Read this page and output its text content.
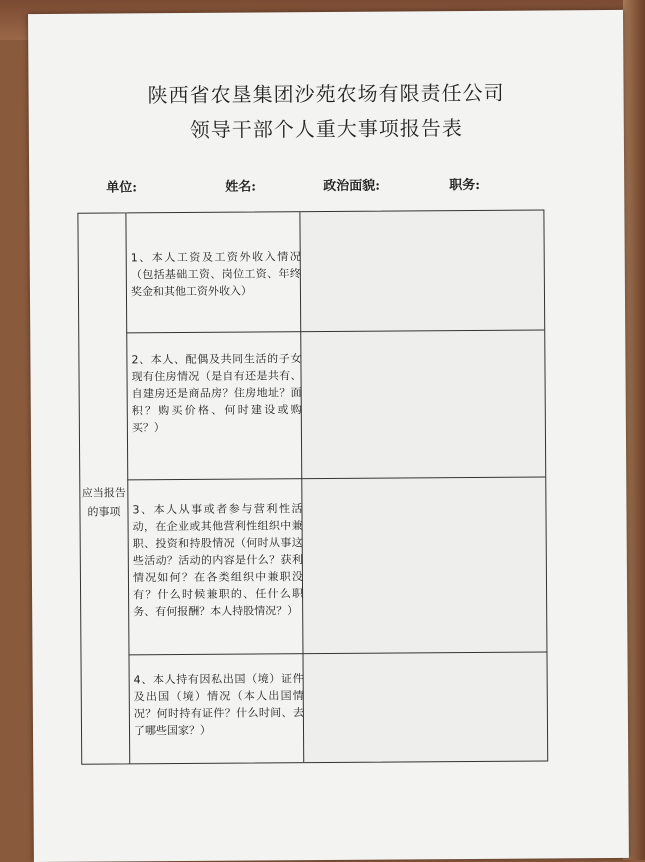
陕西省农垦集团沙苑农场有限责任公司
领导干部个人重大事项报告表
单位:	姓名:	政治面貌:	职务:
应当报告的事项
1、本人工资及工资外收入情况（包括基础工资、岗位工资、年终奖金和其他工资外收入）
2、本人、配偶及共同生活的子女现有住房情况（是自有还是共有、自建房还是商品房？住房地址？面积？购买价格、何时建设或购买？）
3、本人从事或者参与营利性活动，在企业或其他营利性组织中兼职、投资和持股情况（何时从事这些活动？活动的内容是什么？获利情况如何？在各类组织中兼职没有？什么时候兼职的、任什么职务、有何报酬？本人持股情况？）
4、本人持有因私出国（境）证件及出国（境）情况（本人出国情况？何时持有证件？什么时间、去了哪些国家？）
